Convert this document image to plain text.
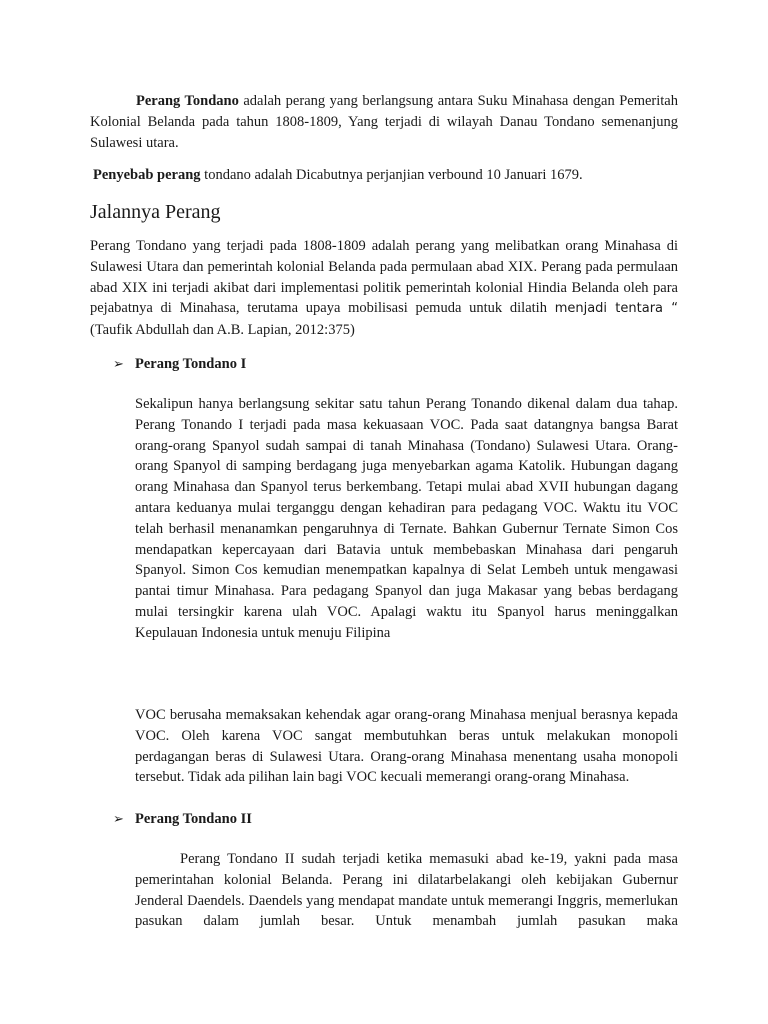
Perang Tondano adalah perang yang berlangsung antara Suku Minahasa dengan Pemeritah Kolonial Belanda pada tahun 1808-1809, Yang terjadi di wilayah Danau Tondano semenanjung Sulawesi utara.

Penyebab perang tondano adalah Dicabutnya perjanjian verbound 10 Januari 1679.

Jalannya Perang

Perang Tondano yang terjadi pada 1808-1809 adalah perang yang melibatkan orang Minahasa di Sulawesi Utara dan pemerintah kolonial Belanda pada permulaan abad XIX. Perang pada permulaan abad XIX ini terjadi akibat dari implementasi politik pemerintah kolonial Hindia Belanda oleh para pejabatnya di Minahasa, terutama upaya mobilisasi pemuda untuk dilatih menjadi tentara “ (Taufik Abdullah dan A.B. Lapian, 2012:375)

➢ Perang Tondano I

Sekalipun hanya berlangsung sekitar satu tahun Perang Tonando dikenal dalam dua tahap. Perang Tonando I terjadi pada masa kekuasaan VOC. Pada saat datangnya bangsa Barat orang-orang Spanyol sudah sampai di tanah Minahasa (Tondano) Sulawesi Utara. Orang-orang Spanyol di samping berdagang juga menyebarkan agama Katolik. Hubungan dagang orang Minahasa dan Spanyol terus berkembang. Tetapi mulai abad XVII hubungan dagang antara keduanya mulai terganggu dengan kehadiran para pedagang VOC. Waktu itu VOC telah berhasil menanamkan pengaruhnya di Ternate. Bahkan Gubernur Ternate Simon Cos mendapatkan kepercayaan dari Batavia untuk membebaskan Minahasa dari pengaruh Spanyol. Simon Cos kemudian menempatkan kapalnya di Selat Lembeh untuk mengawasi pantai timur Minahasa. Para pedagang Spanyol dan juga Makasar yang bebas berdagang mulai tersingkir karena ulah VOC. Apalagi waktu itu Spanyol harus meninggalkan Kepulauan Indonesia untuk menuju Filipina

VOC berusaha memaksakan kehendak agar orang-orang Minahasa menjual berasnya kepada VOC. Oleh karena VOC sangat membutuhkan beras untuk melakukan monopoli perdagangan beras di Sulawesi Utara. Orang-orang Minahasa menentang usaha monopoli tersebut. Tidak ada pilihan lain bagi VOC kecuali memerangi orang-orang Minahasa.

➢ Perang Tondano II

Perang Tondano II sudah terjadi ketika memasuki abad ke-19, yakni pada masa pemerintahan kolonial Belanda. Perang ini dilatarbelakangi oleh kebijakan Gubernur Jenderal Daendels. Daendels yang mendapat mandate untuk memerangi Inggris, memerlukan pasukan dalam jumlah besar. Untuk menambah jumlah pasukan maka
